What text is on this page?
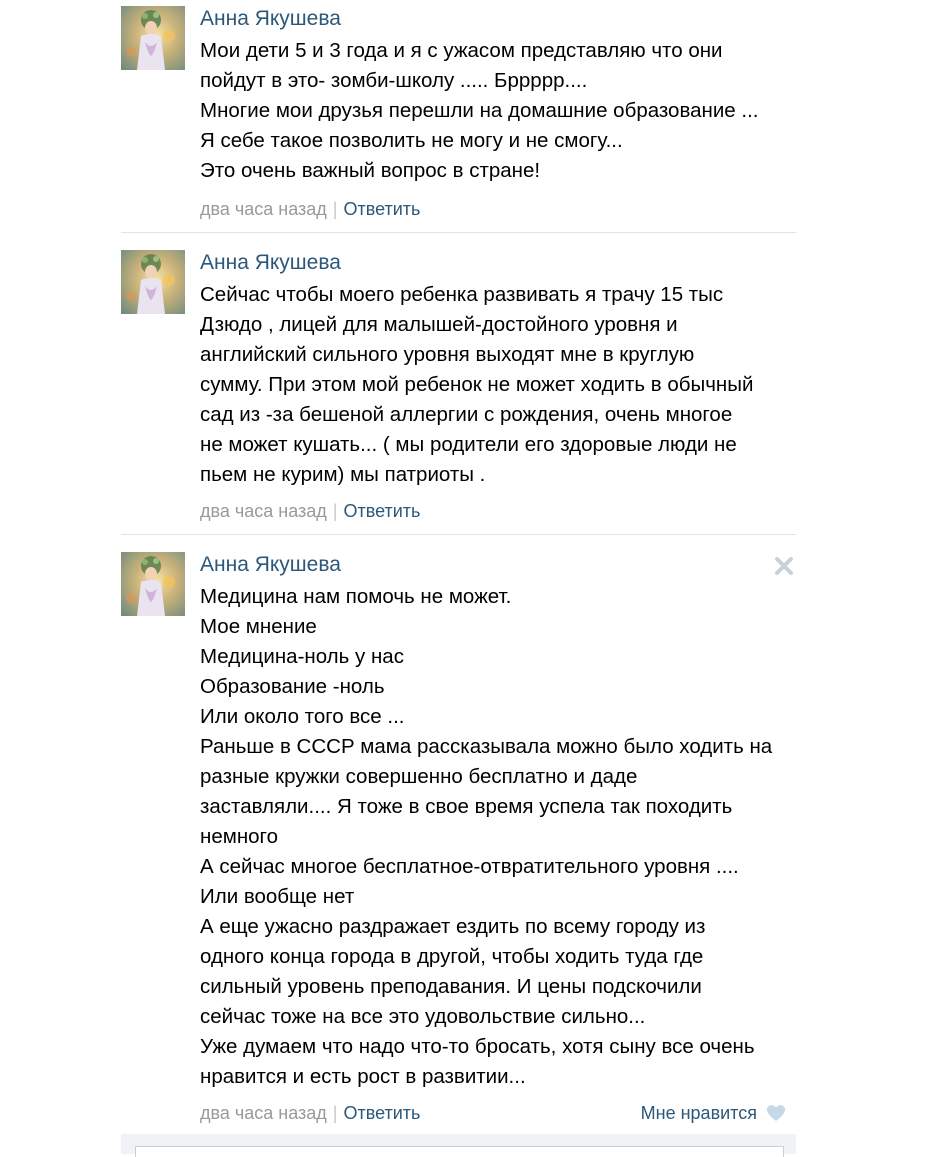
Анна Якушева
Мои дети 5 и 3 года и я с ужасом представляю что они
пойдут в это- зомби-школу ..... Бррррр....
Многие мои друзья перешли на домашние образование ...
Я себе такое позволить не могу и не смогу...
Это очень важный вопрос в стране!
два часа назад | Ответить
Анна Якушева
Сейчас чтобы моего ребенка развивать я трачу 15 тыс
Дзюдо , лицей для малышей-достойного уровня и
английский сильного уровня выходят мне в круглую
сумму. При этом мой ребенок не может ходить в обычный
сад из -за бешеной аллергии с рождения, очень многое
не может кушать... ( мы родители его здоровые люди не
пьем не курим) мы патриоты .
два часа назад | Ответить
Анна Якушева
Медицина нам помочь не может.
Мое мнение
Медицина-ноль у нас
Образование -ноль
Или около того все ...
Раньше в СССР мама рассказывала можно было ходить на
разные кружки совершенно бесплатно и даде
заставляли.... Я тоже в свое время успела так походить
немного
А сейчас многое бесплатное-отвратительного уровня ....
Или вообще нет
А еще ужасно раздражает ездить по всему городу из
одного конца города в другой, чтобы ходить туда где
сильный уровень преподавания. И цены подскочили
сейчас тоже на все это удовольствие сильно...
Уже думаем что надо что-то бросать, хотя сыну все очень
нравится и есть рост в развитии...
два часа назад | Ответить	Мне нравится
